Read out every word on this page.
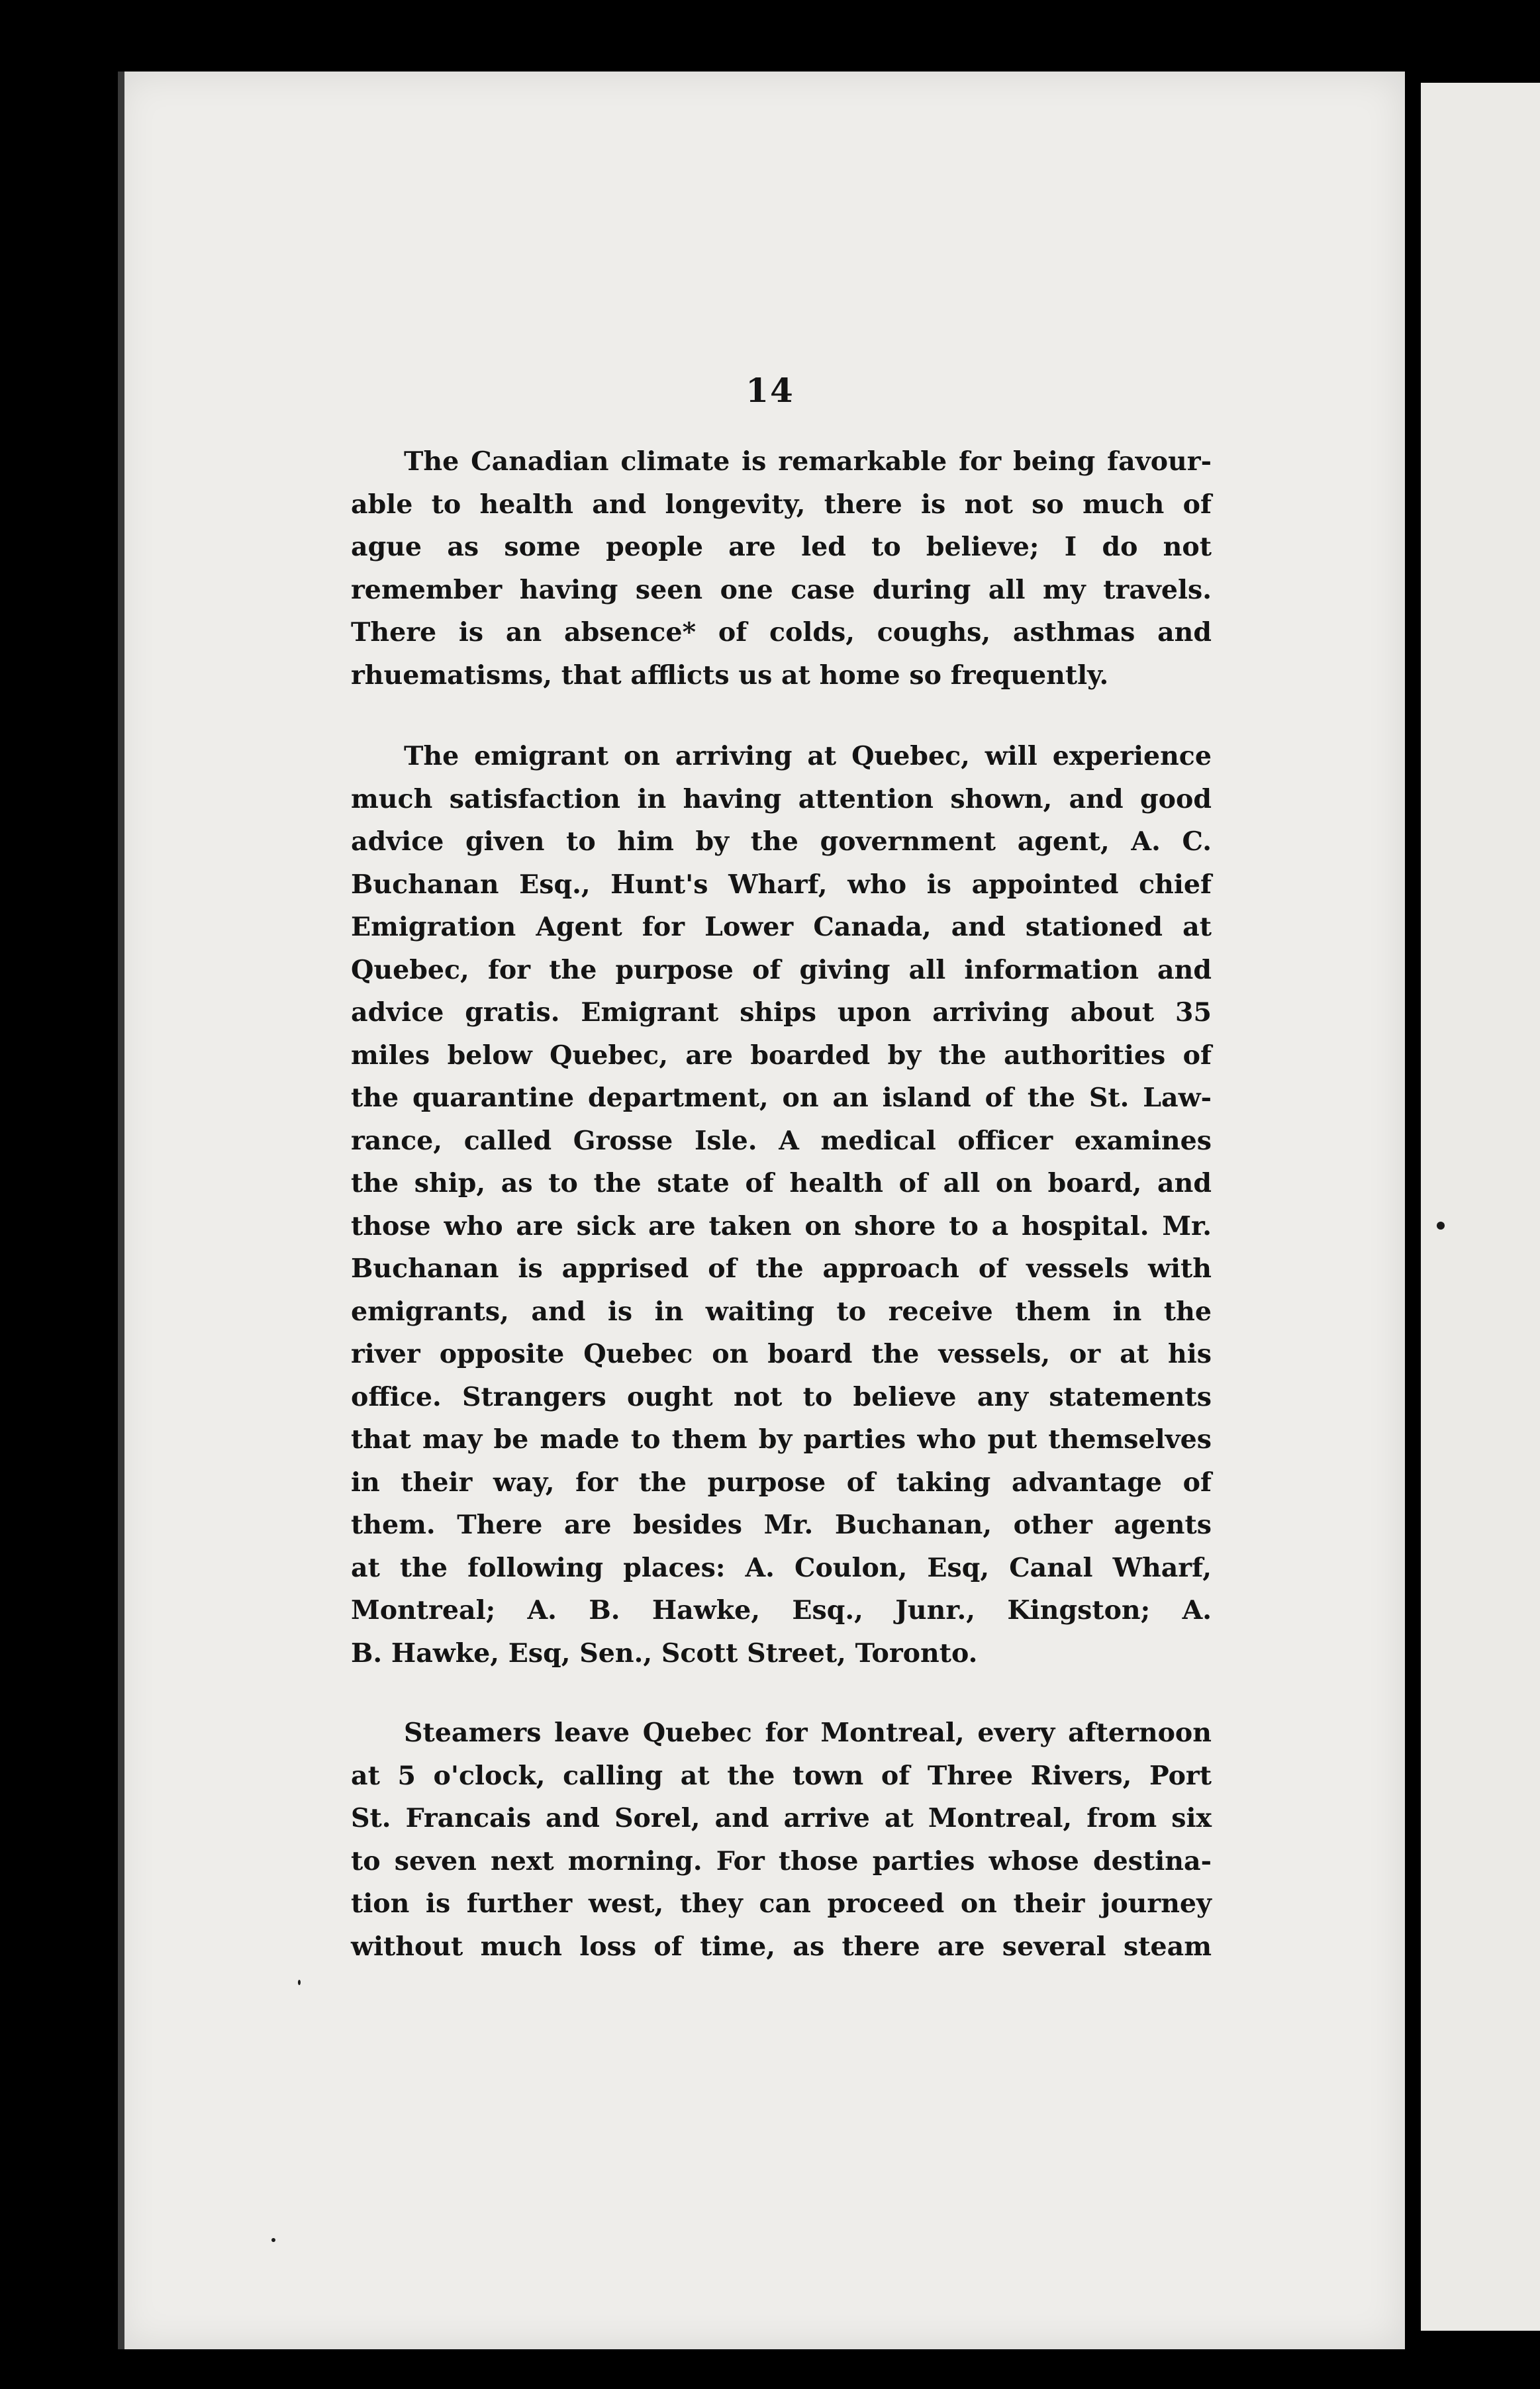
14
The Canadian climate is remarkable for being favour-
able to health and longevity, there is not so much of
ague as some people are led to believe; I do not
remember having seen one case during all my travels.
There is an absence* of colds, coughs, asthmas and
rhuematisms, that afflicts us at home so frequently.
The emigrant on arriving at Quebec, will experience
much satisfaction in having attention shown, and good
advice given to him by the government agent, A. C.
Buchanan Esq., Hunt's Wharf, who is appointed chief
Emigration Agent for Lower Canada, and stationed at
Quebec, for the purpose of giving all information and
advice gratis. Emigrant ships upon arriving about 35
miles below Quebec, are boarded by the authorities of
the quarantine department, on an island of the St. Law-
rance, called Grosse Isle. A medical officer examines
the ship, as to the state of health of all on board, and
those who are sick are taken on shore to a hospital. Mr.
Buchanan is apprised of the approach of vessels with
emigrants, and is in waiting to receive them in the
river opposite Quebec on board the vessels, or at his
office. Strangers ought not to believe any statements
that may be made to them by parties who put themselves
in their way, for the purpose of taking advantage of
them. There are besides Mr. Buchanan, other agents
at the following places: A. Coulon, Esq, Canal Wharf,
Montreal; A. B. Hawke, Esq., Junr., Kingston; A.
B. Hawke, Esq, Sen., Scott Street, Toronto.
Steamers leave Quebec for Montreal, every afternoon
at 5 o'clock, calling at the town of Three Rivers, Port
St. Francais and Sorel, and arrive at Montreal, from six
to seven next morning. For those parties whose destina-
tion is further west, they can proceed on their journey
without much loss of time, as there are several steam
